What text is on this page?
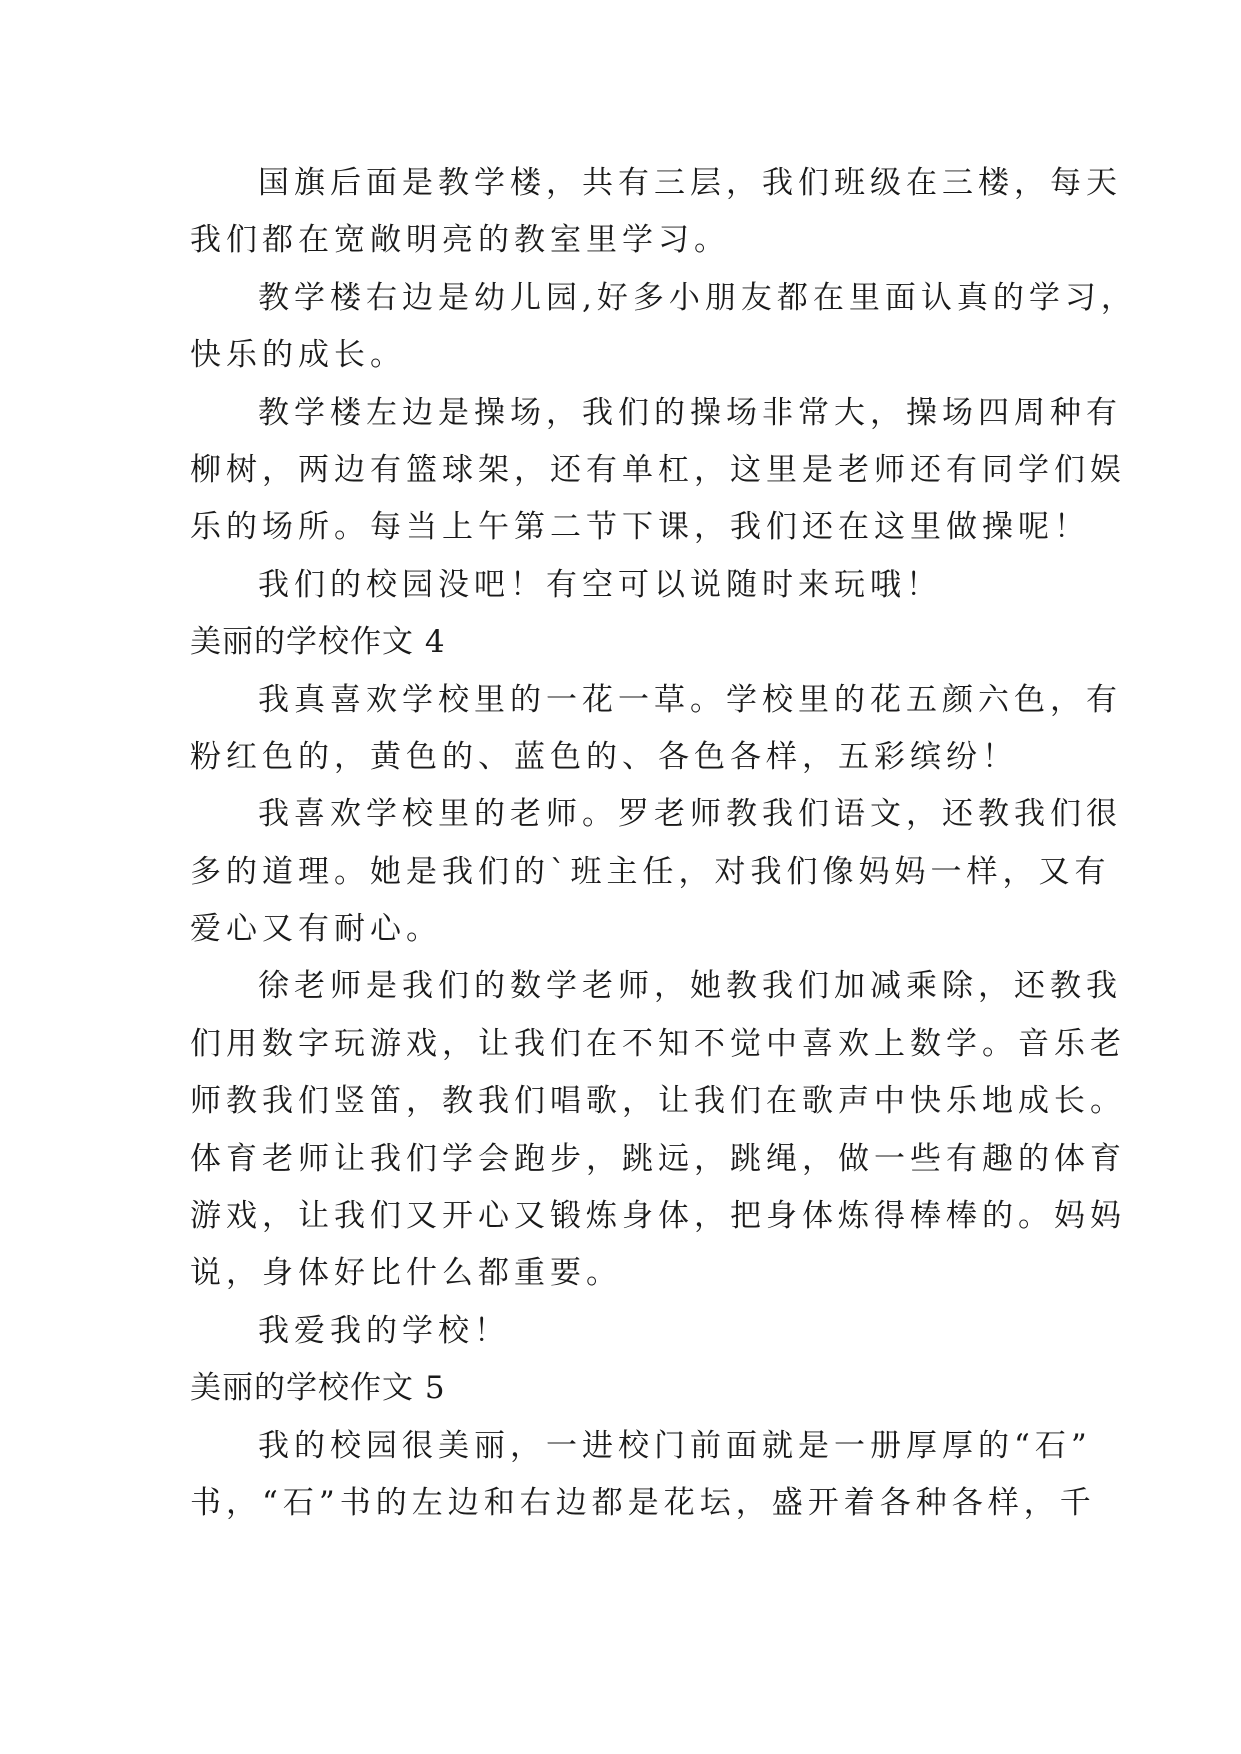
国旗后面是教学楼，共有三层，我们班级在三楼，每天
我们都在宽敞明亮的教室里学习。
教学楼右边是幼儿园,好多小朋友都在里面认真的学习，
快乐的成长。
教学楼左边是操场，我们的操场非常大，操场四周种有
柳树，两边有篮球架，还有单杠，这里是老师还有同学们娱
乐的场所。每当上午第二节下课，我们还在这里做操呢！
我们的校园没吧！有空可以说随时来玩哦！
美丽的学校作文 4
我真喜欢学校里的一花一草。学校里的花五颜六色，有
粉红色的，黄色的、蓝色的、各色各样，五彩缤纷！
我喜欢学校里的老师。罗老师教我们语文，还教我们很
多的道理。她是我们的`班主任，对我们像妈妈一样，又有
爱心又有耐心。
徐老师是我们的数学老师，她教我们加减乘除，还教我
们用数字玩游戏，让我们在不知不觉中喜欢上数学。音乐老
师教我们竖笛，教我们唱歌，让我们在歌声中快乐地成长。
体育老师让我们学会跑步，跳远，跳绳，做一些有趣的体育
游戏，让我们又开心又锻炼身体，把身体炼得棒棒的。妈妈
说，身体好比什么都重要。
我爱我的学校！
美丽的学校作文 5
我的校园很美丽，一进校门前面就是一册厚厚的“石”
书，“石”书的左边和右边都是花坛，盛开着各种各样，千
